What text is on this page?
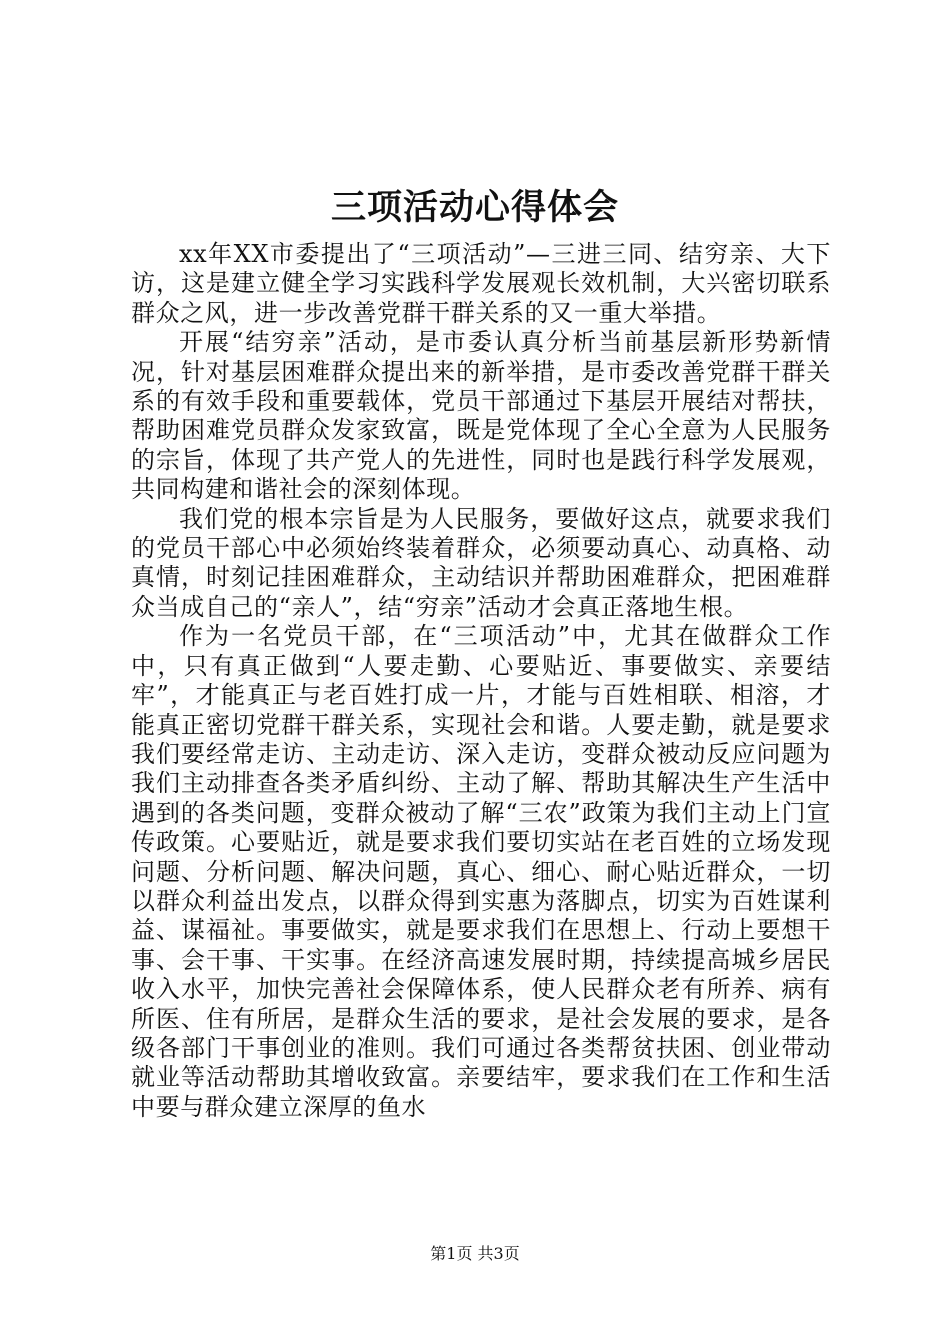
三项活动心得体会

xx年XX市委提出了“三项活动”—三进三同、结穷亲、大下访，这是建立健全学习实践科学发展观长效机制，大兴密切联系群众之风，进一步改善党群干群关系的又一重大举措。

开展“结穷亲”活动，是市委认真分析当前基层新形势新情况，针对基层困难群众提出来的新举措，是市委改善党群干群关系的有效手段和重要载体，党员干部通过下基层开展结对帮扶，帮助困难党员群众发家致富，既是党体现了全心全意为人民服务的宗旨，体现了共产党人的先进性，同时也是践行科学发展观，共同构建和谐社会的深刻体现。

我们党的根本宗旨是为人民服务，要做好这点，就要求我们的党员干部心中必须始终装着群众，必须要动真心、动真格、动真情，时刻记挂困难群众，主动结识并帮助困难群众，把困难群众当成自己的“亲人”，结“穷亲”活动才会真正落地生根。

作为一名党员干部，在“三项活动”中，尤其在做群众工作中，只有真正做到“人要走勤、心要贴近、事要做实、亲要结牢”，才能真正与老百姓打成一片，才能与百姓相联、相溶，才能真正密切党群干群关系，实现社会和谐。人要走勤，就是要求我们要经常走访、主动走访、深入走访，变群众被动反应问题为我们主动排查各类矛盾纠纷、主动了解、帮助其解决生产生活中遇到的各类问题，变群众被动了解“三农”政策为我们主动上门宣传政策。心要贴近，就是要求我们要切实站在老百姓的立场发现问题、分析问题、解决问题，真心、细心、耐心贴近群众，一切以群众利益出发点，以群众得到实惠为落脚点，切实为百姓谋利益、谋福祉。事要做实，就是要求我们在思想上、行动上要想干事、会干事、干实事。在经济高速发展时期，持续提高城乡居民收入水平，加快完善社会保障体系，使人民群众老有所养、病有所医、住有所居，是群众生活的要求，是社会发展的要求，是各级各部门干事创业的准则。我们可通过各类帮贫扶困、创业带动就业等活动帮助其增收致富。亲要结牢，要求我们在工作和生活中要与群众建立深厚的鱼水

第1页 共3页
